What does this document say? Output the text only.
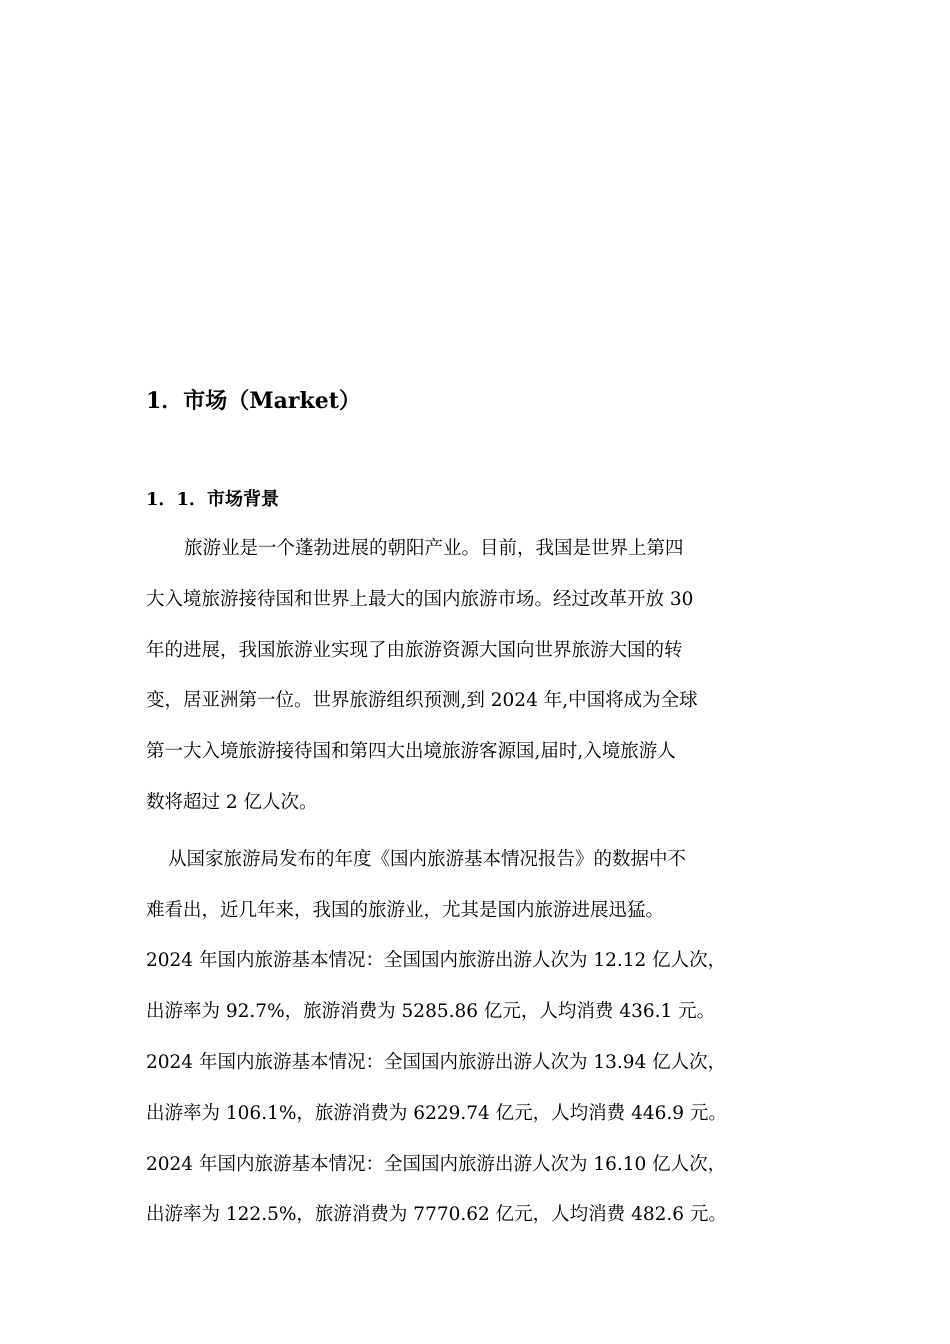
1．市场（Market）
1．1．市场背景
旅游业是一个蓬勃进展的朝阳产业。目前，我国是世界上第四
大入境旅游接待国和世界上最大的国内旅游市场。经过改革开放 30
年的进展，我国旅游业实现了由旅游资源大国向世界旅游大国的转
变，居亚洲第一位。世界旅游组织预测,到 2024 年,中国将成为全球
第一大入境旅游接待国和第四大出境旅游客源国,届时,入境旅游人
数将超过 2 亿人次。
从国家旅游局发布的年度《国内旅游基本情况报告》的数据中不
难看出，近几年来，我国的旅游业，尤其是国内旅游进展迅猛。
2024 年国内旅游基本情况：全国国内旅游出游人次为 12.12 亿人次，
出游率为 92.7%，旅游消费为 5285.86 亿元，人均消费 436.1 元。
2024 年国内旅游基本情况：全国国内旅游出游人次为 13.94 亿人次，
出游率为 106.1%，旅游消费为 6229.74 亿元，人均消费 446.9 元。
2024 年国内旅游基本情况：全国国内旅游出游人次为 16.10 亿人次，
出游率为 122.5%，旅游消费为 7770.62 亿元，人均消费 482.6 元。
